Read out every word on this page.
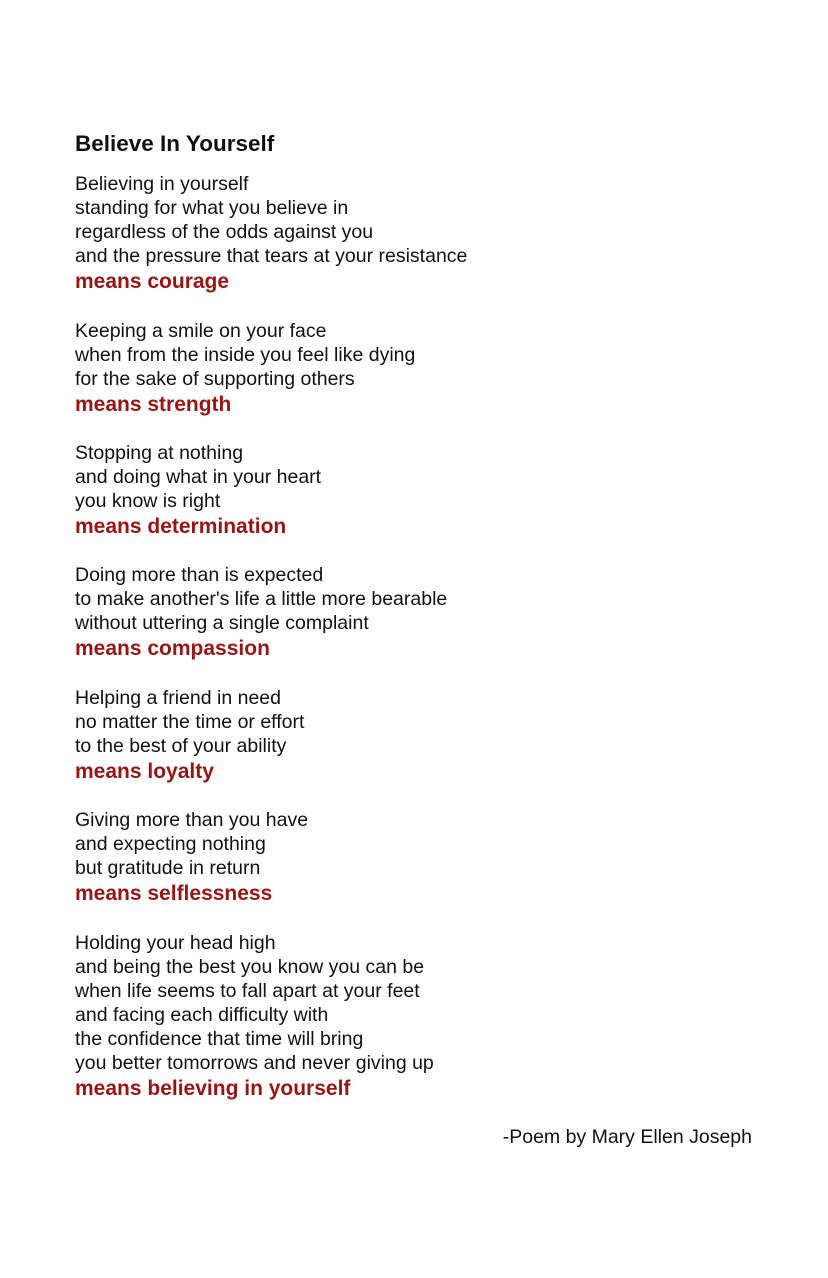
Believe In Yourself
Believing in yourself
standing for what you believe in
regardless of the odds against you
and the pressure that tears at your resistance
means courage
Keeping a smile on your face
when from the inside you feel like dying
for the sake of supporting others
means strength
Stopping at nothing
and doing what in your heart
you know is right
means determination
Doing more than is expected
to make another's life a little more bearable
without uttering a single complaint
means compassion
Helping a friend in need
no matter the time or effort
to the best of your ability
means loyalty
Giving more than you have
and expecting nothing
but gratitude in return
means selflessness
Holding your head high
and being the best you know you can be
when life seems to fall apart at your feet
and facing each difficulty with
the confidence that time will bring
you better tomorrows and never giving up
means believing in yourself

-Poem by Mary Ellen Joseph
